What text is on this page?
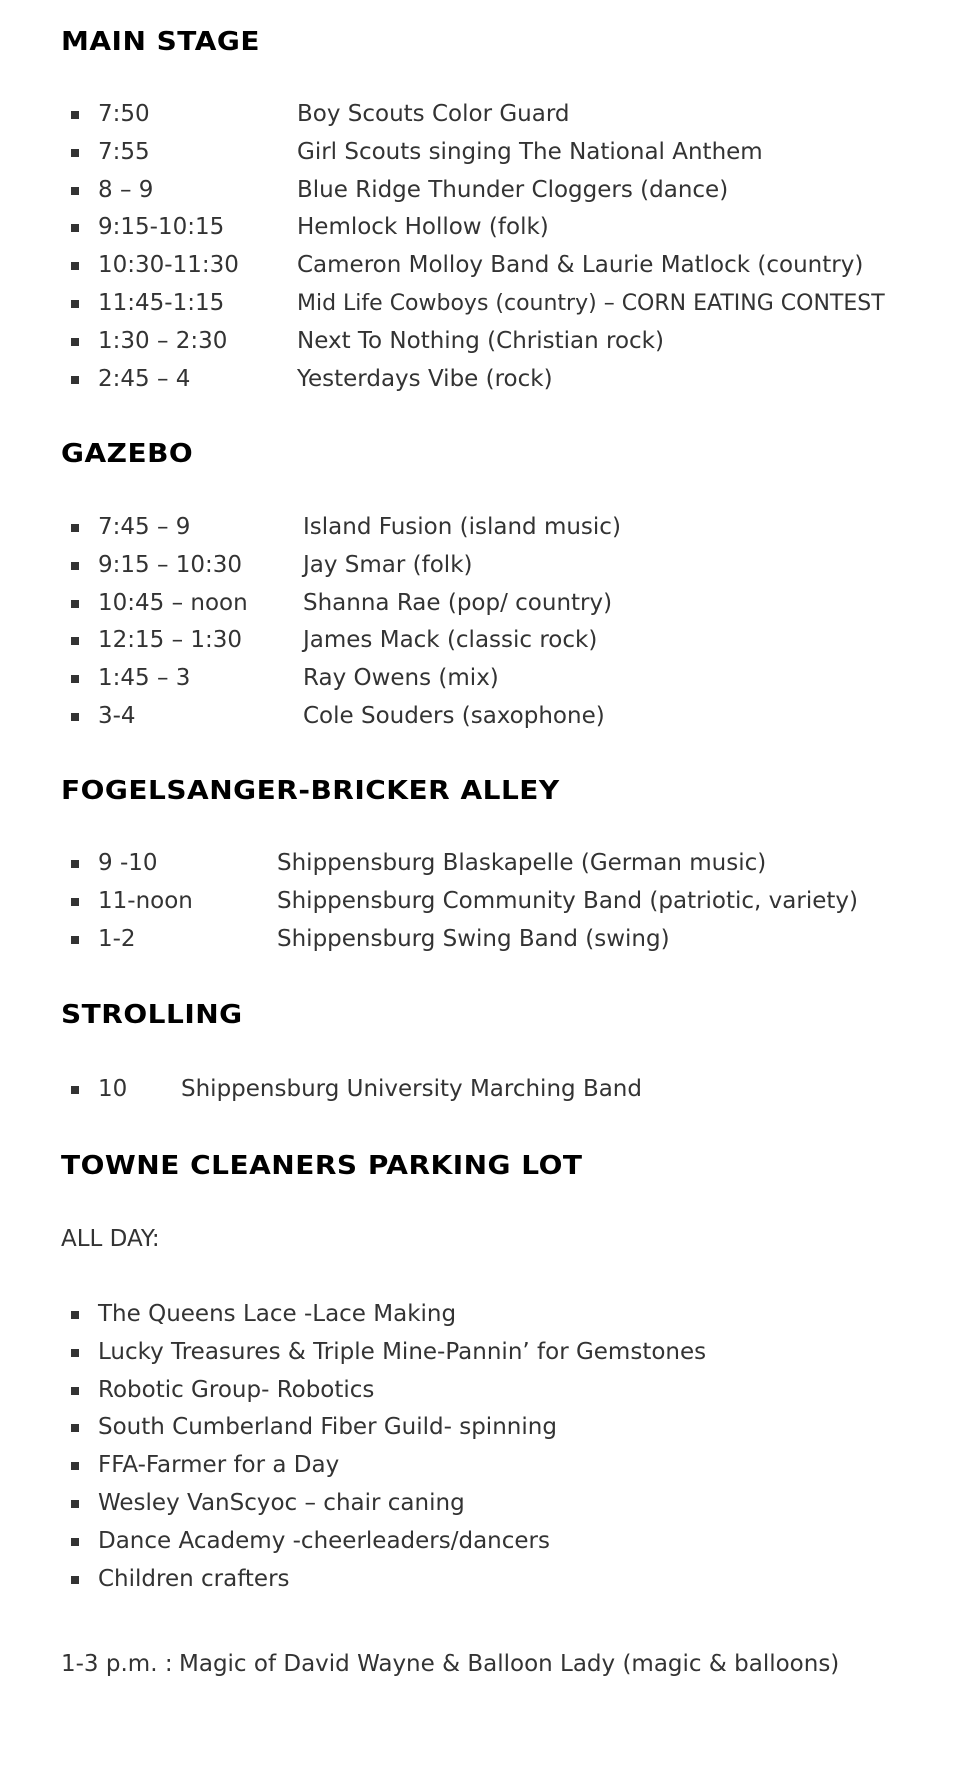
MAIN STAGE
7:50	Boy Scouts Color Guard
7:55	Girl Scouts singing The National Anthem
8 – 9	Blue Ridge Thunder Cloggers (dance)
9:15-10:15	Hemlock Hollow (folk)
10:30-11:30	Cameron Molloy Band & Laurie Matlock (country)
11:45-1:15	Mid Life Cowboys (country) – CORN EATING CONTEST
1:30 – 2:30	Next To Nothing (Christian rock)
2:45 – 4	Yesterdays Vibe (rock)
GAZEBO
7:45 – 9	Island Fusion (island music)
9:15 – 10:30	Jay Smar (folk)
10:45 – noon Shanna Rae (pop/ country)
12:15 – 1:30	James Mack (classic rock)
1:45 – 3	Ray Owens (mix)
3-4	Cole Souders (saxophone)
FOGELSANGER-BRICKER ALLEY
9 -10	Shippensburg Blaskapelle (German music)
11-noon	Shippensburg Community Band (patriotic, variety)
1-2	Shippensburg Swing Band (swing)
STROLLING
10 Shippensburg University Marching Band
TOWNE CLEANERS PARKING LOT

ALL DAY:

The Queens Lace -Lace Making
Lucky Treasures & Triple Mine-Pannin’ for Gemstones
Robotic Group- Robotics
South Cumberland Fiber Guild- spinning
FFA-Farmer for a Day
Wesley VanScyoc – chair caning
Dance Academy -cheerleaders/dancers
Children crafters

1-3 p.m. : Magic of David Wayne & Balloon Lady (magic & balloons)
